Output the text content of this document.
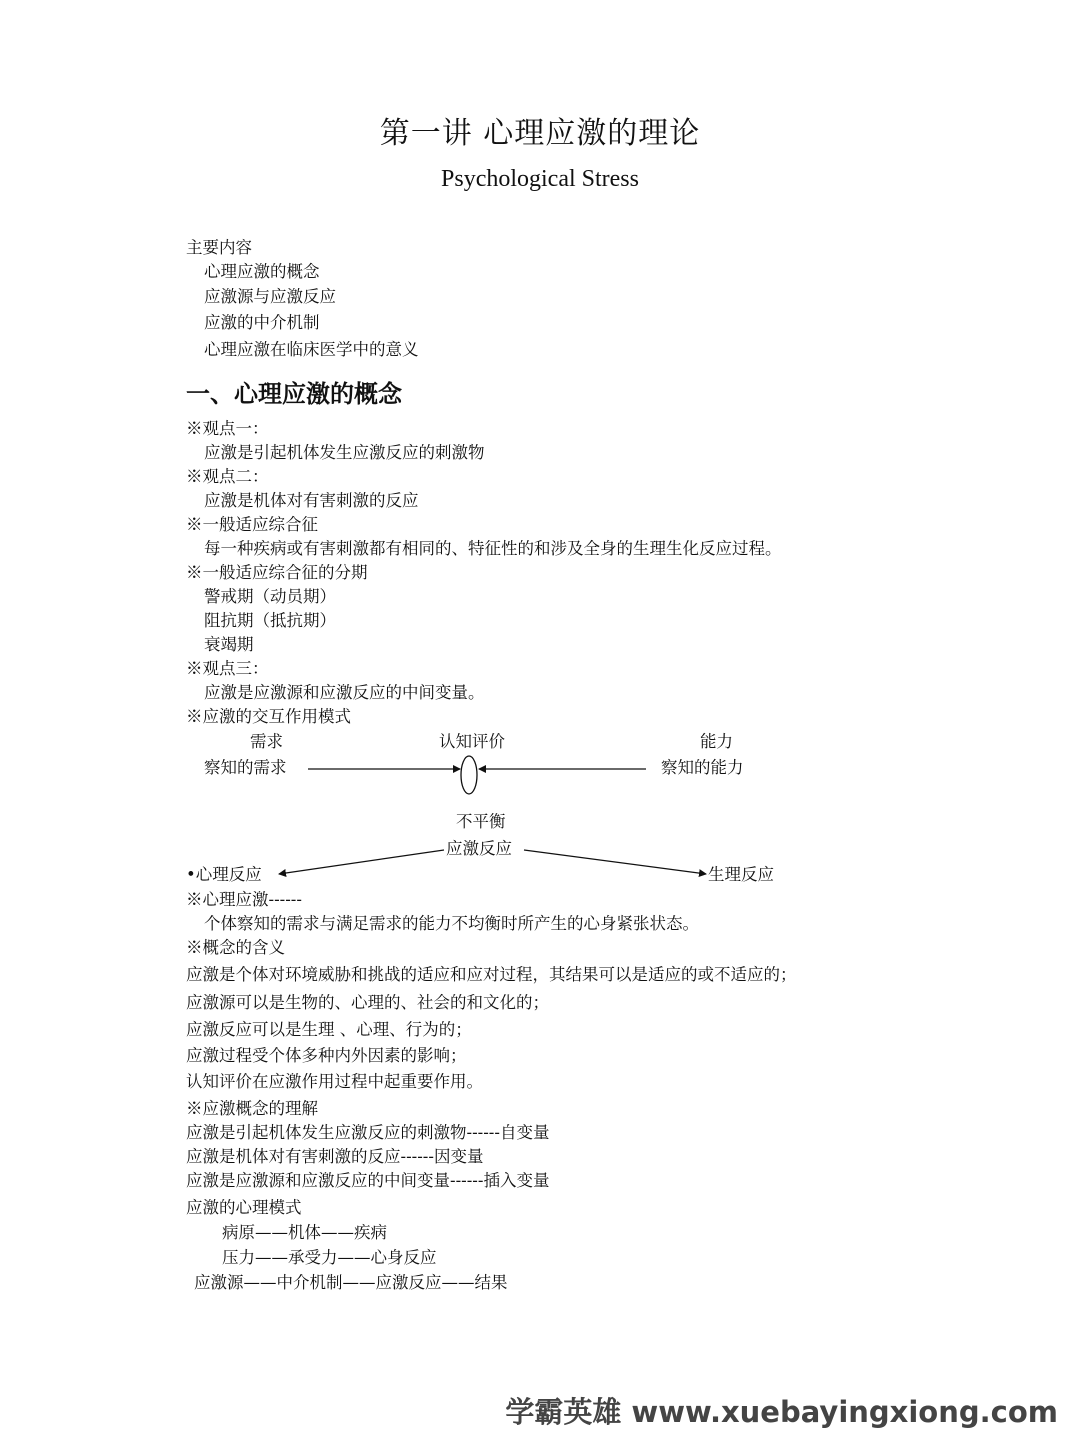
第一讲 心理应激的理论
Psychological Stress
主要内容
心理应激的概念
应激源与应激反应
应激的中介机制
心理应激在临床医学中的意义
一、心理应激的概念
※观点一：
应激是引起机体发生应激反应的刺激物
※观点二：
应激是机体对有害刺激的反应
※一般适应综合征
每一种疾病或有害刺激都有相同的、特征性的和涉及全身的生理生化反应过程。
※一般适应综合征的分期
警戒期（动员期）
阻抗期（抵抗期）
衰竭期
※观点三：
应激是应激源和应激反应的中间变量。
※应激的交互作用模式
需求
察知的需求
认知评价	能力
察知的能力
不平衡
应激反应
•心理反应	生理反应
※心理应激------
个体察知的需求与满足需求的能力不均衡时所产生的心身紧张状态。
※概念的含义
应激是个体对环境威胁和挑战的适应和应对过程，其结果可以是适应的或不适应的；
应激源可以是生物的、心理的、社会的和文化的；
应激反应可以是生理 、心理、行为的；
应激过程受个体多种内外因素的影响；
认知评价在应激作用过程中起重要作用。
※应激概念的理解
应激是引起机体发生应激反应的刺激物------自变量
应激是机体对有害刺激的反应------因变量
应激是应激源和应激反应的中间变量------插入变量
应激的心理模式
病原——机体——疾病
压力——承受力——心身反应
应激源——中介机制——应激反应——结果
学霸英雄 www.xuebayingxiong.com
